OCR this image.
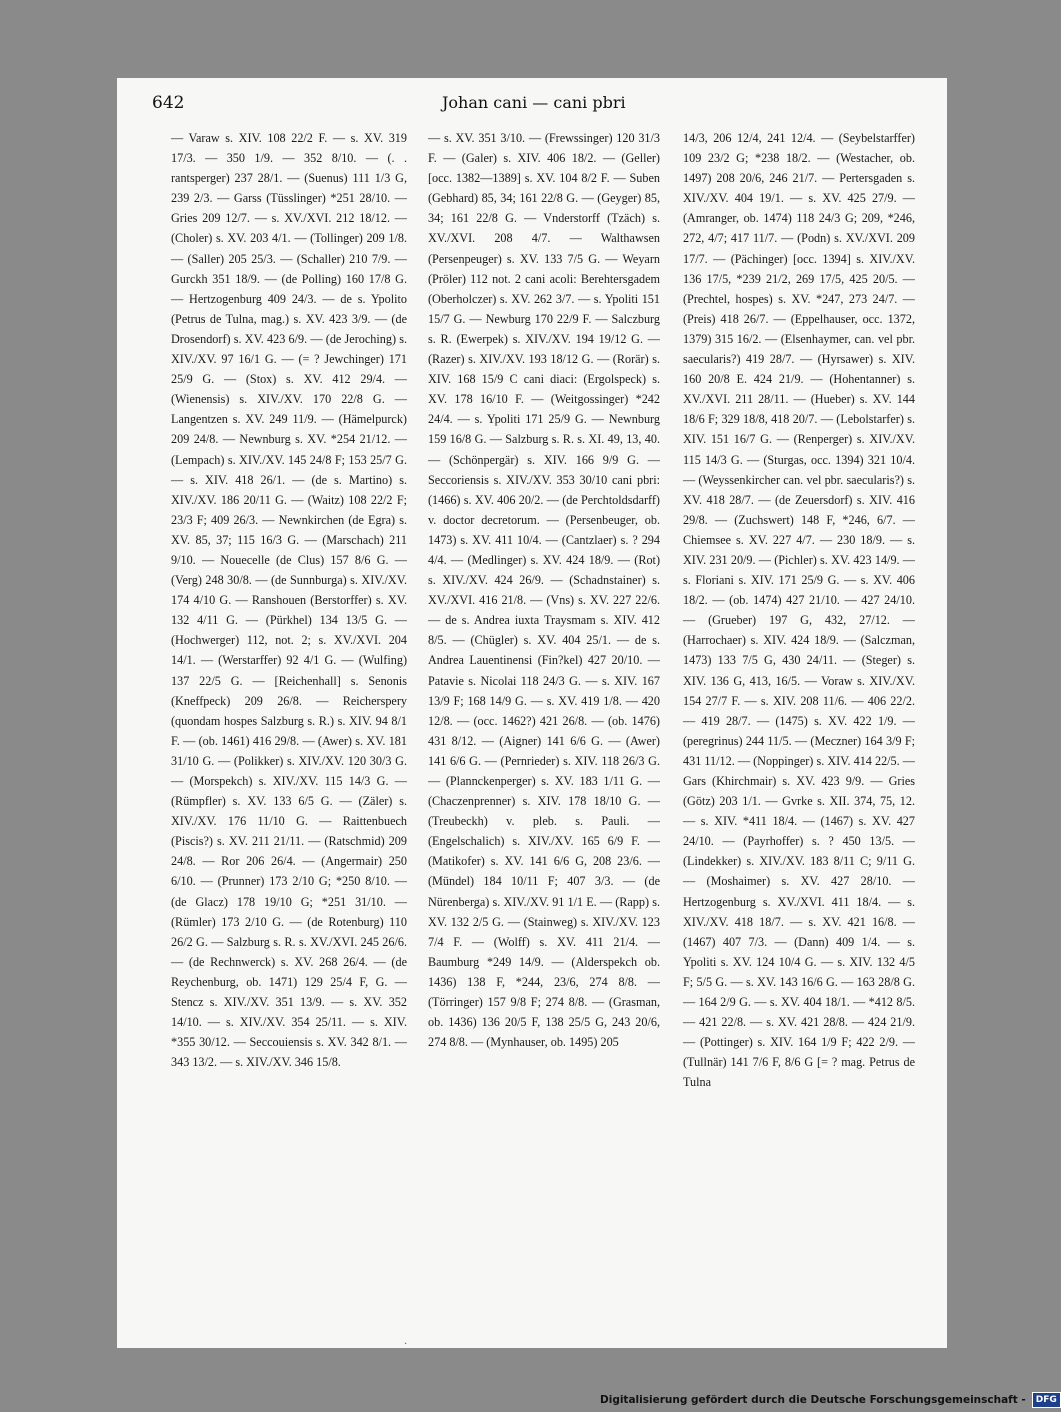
642	Johan cani — cani pbri

— Varaw s. XIV. 108 22/2 F. — s. XV. 319 17/3. — 350 1/9. — 352 8/10. — (. . rantsperger) 237 28/1. — (Suenus) 111 1/3 G, 239 2/3. — Garss (Tüsslinger) *251 28/10. — Gries 209 12/7. — s. XV./XVI. 212 18/12. — (Choler) s. XV. 203 4/1. — (Tollinger) 209 1/8. — (Saller) 205 25/3. — (Schaller) 210 7/9. — Gurckh 351 18/9. — (de Polling) 160 17/8 G. — Hertzogenburg 409 24/3. — de s. Ypolito (Petrus de Tulna, mag.) s. XV. 423 3/9. — (de Drosendorf) s. XV. 423 6/9. — (de Jeroching) s. XIV./XV. 97 16/1 G. — (= ? Jewchinger) 171 25/9 G. — (Stox) s. XV. 412 29/4. — (Wienensis) s. XIV./XV. 170 22/8 G. — Langentzen s. XV. 249 11/9. — (Hämelpurck) 209 24/8. — Newnburg s. XV. *254 21/12. — (Lempach) s. XIV./XV. 145 24/8 F; 153 25/7 G. — s. XIV. 418 26/1. — (de s. Martino) s. XIV./XV. 186 20/11 G. — (Waitz) 108 22/2 F; 23/3 F; 409 26/3. — Newnkirchen (de Egra) s. XV. 85, 37; 115 16/3 G. — (Marschach) 211 9/10. — Nouecelle (de Clus) 157 8/6 G. — (Verg) 248 30/8. — (de Sunnburga) s. XIV./XV. 174 4/10 G. — Ranshouen (Berstorffer) s. XV. 132 4/11 G. — (Pürkhel) 134 13/5 G. — (Hochwerger) 112, not. 2; s. XV./XVI. 204 14/1. — (Werstarffer) 92 4/1 G. — (Wulfing) 137 22/5 G. — [Reichenhall] s. Senonis (Kneffpeck) 209 26/8. — Reicherspery (quondam hospes Salzburg s. R.) s. XIV. 94 8/1 F. — (ob. 1461) 416 29/8. — (Awer) s. XV. 181 31/10 G. — (Polikker) s. XIV./XV. 120 30/3 G. — (Morspekch) s. XIV./XV. 115 14/3 G. — (Rümpfler) s. XV. 133 6/5 G. — (Zäler) s. XIV./XV. 176 11/10 G. — Raittenbuech (Piscis?) s. XV. 211 21/11. — (Ratschmid) 209 24/8. — Ror 206 26/4. — (Angermair) 250 6/10. — (Prunner) 173 2/10 G; *250 8/10. — (de Glacz) 178 19/10 G; *251 31/10. — (Rümler) 173 2/10 G. — (de Rotenburg) 110 26/2 G. — Salzburg s. R. s. XV./XVI. 245 26/6. — (de Rechnwerck) s. XV. 268 26/4. — (de Reychenburg, ob. 1471) 129 25/4 F, G. — Stencz s. XIV./XV. 351 13/9. — s. XV. 352 14/10. — s. XIV./XV. 354 25/11. — s. XIV. *355 30/12. — Seccouiensis s. XV. 342 8/1. — 343 13/2. — s. XIV./XV. 346 15/8.

— s. XV. 351 3/10. — (Frewssinger) 120 31/3 F. — (Galer) s. XIV. 406 18/2. — (Geller) [occ. 1382—1389] s. XV. 104 8/2 F. — Suben (Gebhard) 85, 34; 161 22/8 G. — (Geyger) 85, 34; 161 22/8 G. — Vnderstorff (Tzäch) s. XV./XVI. 208 4/7. — Walthawsen (Persenpeuger) s. XV. 133 7/5 G. — Weyarn (Pröler) 112 not. 2 cani acoli: Berehtersgadem (Oberholczer) s. XV. 262 3/7. — s. Ypoliti 151 15/7 G. — Newburg 170 22/9 F. — Salczburg s. R. (Ewerpek) s. XIV./XV. 194 19/12 G. — (Razer) s. XIV./XV. 193 18/12 G. — (Rorär) s. XIV. 168 15/9 C cani diaci: (Ergolspeck) s. XV. 178 16/10 F. — (Weitgossinger) *242 24/4. — s. Ypoliti 171 25/9 G. — Newnburg 159 16/8 G. — Salzburg s. R. s. XI. 49, 13, 40. — (Schönpergär) s. XIV. 166 9/9 G. — Seccoriensis s. XIV./XV. 353 30/10 cani pbri: (1466) s. XV. 406 20/2. — (de Perchtoldsdarff) v. doctor decretorum. — (Persenbeuger, ob. 1473) s. XV. 411 10/4. — (Cantzlaer) s. ? 294 4/4. — (Medlinger) s. XV. 424 18/9. — (Rot) s. XIV./XV. 424 26/9. — (Schadnstainer) s. XV./XVI. 416 21/8. — (Vns) s. XV. 227 22/6. — de s. Andrea iuxta Traysmam s. XIV. 412 8/5. — (Chügler) s. XV. 404 25/1. — de s. Andrea Lauentinensi (Fin?kel) 427 20/10. — Patavie s. Nicolai 118 24/3 G. — s. XIV. 167 13/9 F; 168 14/9 G. — s. XV. 419 1/8. — 420 12/8. — (occ. 1462?) 421 26/8. — (ob. 1476) 431 8/12. — (Aigner) 141 6/6 G. — (Awer) 141 6/6 G. — (Pernrieder) s. XIV. 118 26/3 G. — (Plannckenperger) s. XV. 183 1/11 G. — (Chaczenprenner) s. XIV. 178 18/10 G. — (Treubeckh) v. pleb. s. Pauli. — (Engelschalich) s. XIV./XV. 165 6/9 F. — (Matikofer) s. XV. 141 6/6 G, 208 23/6. — (Mündel) 184 10/11 F; 407 3/3. — (de Nürenberga) s. XIV./XV. 91 1/1 E. — (Rapp) s. XV. 132 2/5 G. — (Stainweg) s. XIV./XV. 123 7/4 F. — (Wolff) s. XV. 411 21/4. — Baumburg *249 14/9. — (Alderspekch ob. 1436) 138 F, *244, 23/6, 274 8/8. — (Törringer) 157 9/8 F; 274 8/8. — (Grasman, ob. 1436) 136 20/5 F, 138 25/5 G, 243 20/6, 274 8/8. — (Mynhauser, ob. 1495) 205

14/3, 206 12/4, 241 12/4. — (Seybelstarffer) 109 23/2 G; *238 18/2. — (Westacher, ob. 1497) 208 20/6, 246 21/7. — Pertersgaden s. XIV./XV. 404 19/1. — s. XV. 425 27/9. — (Amranger, ob. 1474) 118 24/3 G; 209, *246, 272, 4/7; 417 11/7. — (Podn) s. XV./XVI. 209 17/7. — (Pächinger) [occ. 1394] s. XIV./XV. 136 17/5, *239 21/2, 269 17/5, 425 20/5. — (Prechtel, hospes) s. XV. *247, 273 24/7. — (Preis) 418 26/7. — (Eppelhauser, occ. 1372, 1379) 315 16/2. — (Elsenhaymer, can. vel pbr. saecularis?) 419 28/7. — (Hyrsawer) s. XIV. 160 20/8 E. 424 21/9. — (Hohentanner) s. XV./XVI. 211 28/11. — (Hueber) s. XV. 144 18/6 F; 329 18/8, 418 20/7. — (Lebolstarfer) s. XIV. 151 16/7 G. — (Renperger) s. XIV./XV. 115 14/3 G. — (Sturgas, occ. 1394) 321 10/4. — (Weyssenkircher can. vel pbr. saecularis?) s. XV. 418 28/7. — (de Zeuersdorf) s. XIV. 416 29/8. — (Zuchswert) 148 F, *246, 6/7. — Chiemsee s. XV. 227 4/7. — 230 18/9. — s. XIV. 231 20/9. — (Pichler) s. XV. 423 14/9. — s. Floriani s. XIV. 171 25/9 G. — s. XV. 406 18/2. — (ob. 1474) 427 21/10. — 427 24/10. — (Grueber) 197 G, 432, 27/12. — (Harrochaer) s. XIV. 424 18/9. — (Salczman, 1473) 133 7/5 G, 430 24/11. — (Steger) s. XIV. 136 G, 413, 16/5. — Voraw s. XIV./XV. 154 27/7 F. — s. XIV. 208 11/6. — 406 22/2. — 419 28/7. — (1475) s. XV. 422 1/9. — (peregrinus) 244 11/5. — (Meczner) 164 3/9 F; 431 11/12. — (Noppinger) s. XIV. 414 22/5. — Gars (Khirchmair) s. XV. 423 9/9. — Gries (Götz) 203 1/1. — Gvrke s. XII. 374, 75, 12. — s. XIV. *411 18/4. — (1467) s. XV. 427 24/10. — (Payrhoffer) s. ? 450 13/5. — (Lindekker) s. XIV./XV. 183 8/11 C; 9/11 G. — (Moshaimer) s. XV. 427 28/10. — Hertzogenburg s. XV./XVI. 411 18/4. — s. XIV./XV. 418 18/7. — s. XV. 421 16/8. — (1467) 407 7/3. — (Dann) 409 1/4. — s. Ypoliti s. XV. 124 10/4 G. — s. XIV. 132 4/5 F; 5/5 G. — s. XV. 143 16/6 G. — 163 28/8 G. — 164 2/9 G. — s. XV. 404 18/1. — *412 8/5. — 421 22/8. — s. XV. 421 28/8. — 424 21/9. — (Pottinger) s. XIV. 164 1/9 F; 422 2/9. — (Tullnär) 141 7/6 F, 8/6 G [= ? mag. Petrus de Tulna

.
Digitalisierung gefördert durch die Deutsche Forschungsgemeinschaft -	DFG
